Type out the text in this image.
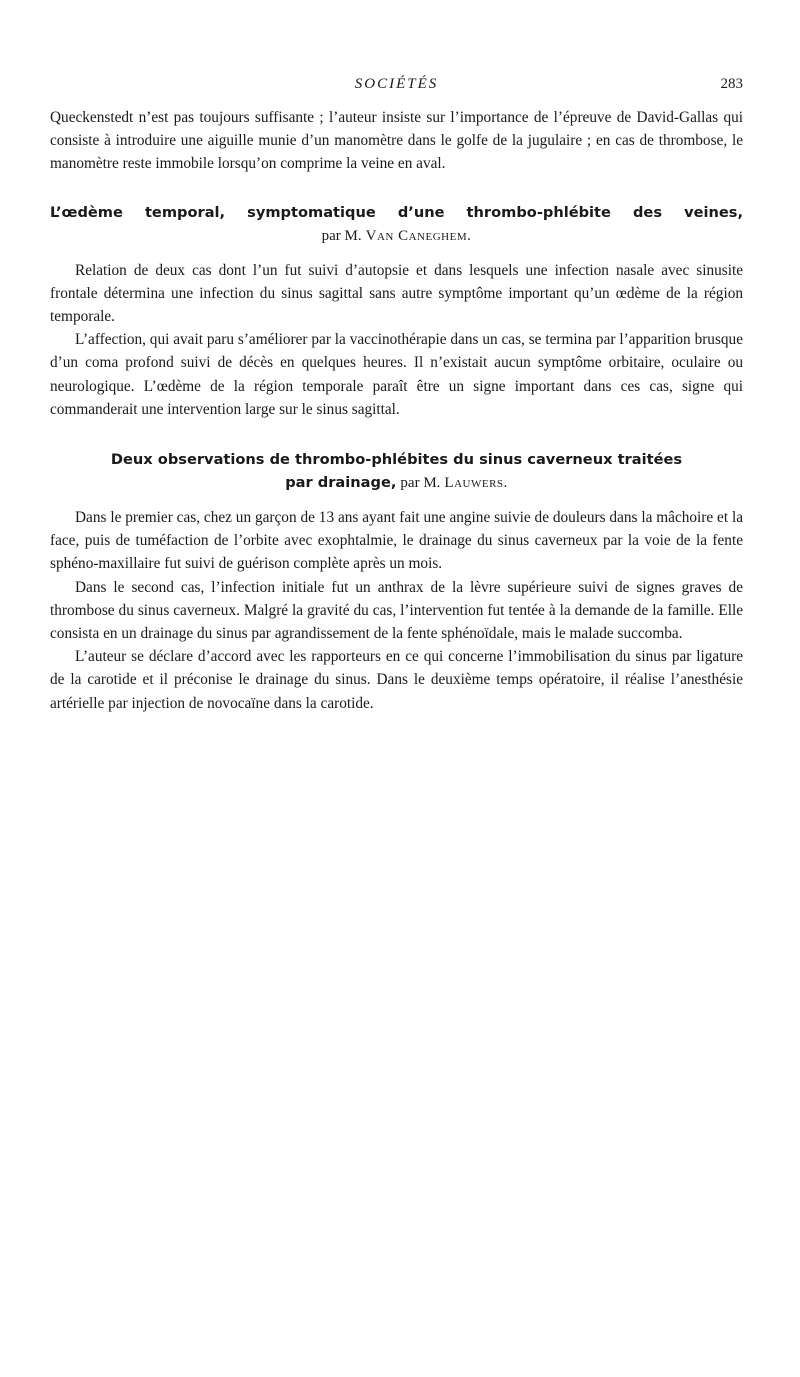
SOCIÉTÉS	283

Queckenstedt n’est pas toujours suffisante ; l’auteur insiste sur l’importance de l’épreuve de David-Gallas qui consiste à introduire une aiguille munie d’un manomètre dans le golfe de la jugulaire ; en cas de thrombose, le manomètre reste immobile lorsqu’on comprime la veine en aval.

L’œdème temporal, symptomatique d’une thrombo-phlébite des veines,
par M. Van Caneghem.

Relation de deux cas dont l’un fut suivi d’autopsie et dans lesquels une infection nasale avec sinusite frontale détermina une infection du sinus sagittal sans autre symptôme important qu’un œdème de la région temporale.

L’affection, qui avait paru s’améliorer par la vaccinothérapie dans un cas, se termina par l’apparition brusque d’un coma profond suivi de décès en quelques heures. Il n’existait aucun symptôme orbitaire, oculaire ou neurologique. L’œdème de la région temporale paraît être un signe important dans ces cas, signe qui commanderait une intervention large sur le sinus sagittal.

Deux observations de thrombo-phlébites du sinus caverneux traitées
par drainage, par M. Lauwers.

Dans le premier cas, chez un garçon de 13 ans ayant fait une angine suivie de douleurs dans la mâchoire et la face, puis de tuméfaction de l’orbite avec exophtalmie, le drainage du sinus caverneux par la voie de la fente sphéno-maxillaire fut suivi de guérison complète après un mois.

Dans le second cas, l’infection initiale fut un anthrax de la lèvre supérieure suivi de signes graves de thrombose du sinus caverneux. Malgré la gravité du cas, l’intervention fut tentée à la demande de la famille. Elle consista en un drainage du sinus par agrandissement de la fente sphénoïdale, mais le malade succomba.

L’auteur se déclare d’accord avec les rapporteurs en ce qui concerne l’immobilisation du sinus par ligature de la carotide et il préconise le drainage du sinus. Dans le deuxième temps opératoire, il réalise l’anesthésie artérielle par injection de novocaïne dans la carotide.
